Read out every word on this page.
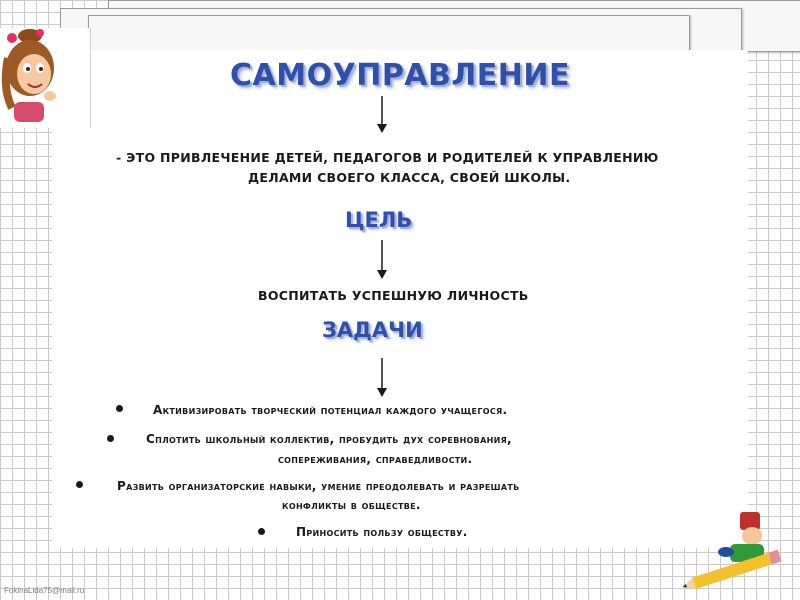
САМОУПРАВЛЕНИЕ
- ЭТО ПРИВЛЕЧЕНИЕ ДЕТЕЙ, ПЕДАГОГОВ И РОДИТЕЛЕЙ К УПРАВЛЕНИЮ
ДЕЛАМИ СВОЕГО КЛАССА, СВОЕЙ ШКОЛЫ.
ЦЕЛЬ
ВОСПИТАТЬ УСПЕШНУЮ ЛИЧНОСТЬ
ЗАДАЧИ
Активизировать творческий потенциал каждого учащегося.
Сплотить школьный коллектив, пробудить дух соревнования,
сопереживания, справедливости.
Развить организаторские навыки, умение преодолевать и разрешать
конфликты в обществе.
Приносить пользу обществу.
FokinaLida75@mail.ru
